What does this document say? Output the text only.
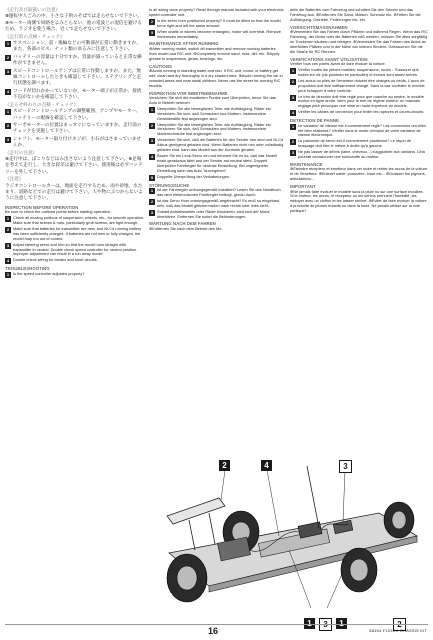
《走行及び取扱いの注意》
⊕運転中人ごみの中、小さな子供のそばでは走らせないで下さい。⊕モーター両側で回路をよみとらない、他の電波との混信を避けるため、ラジオを使う場合、近くで走らせないで下さい。
《走行前の点検・チェック》
1 サスペンション、前・後輪などの可動部が正常に動きますか。また、各部のビス、ナット類のゆるみに注意して下さい。
2 バッテリーの容量は十分ですか。容量が減っていると正常な操作ができません。
3 スピードコントロールアンプは正常に作動しますか。また、無線コントロールしたときも確認して下さい。ステアリングと走行状態を調べます。
4 コードが切れかかっていないか、モーター端子が正常か、接続不良がないかを確認して下さい。
《走らせ終わりの点検・チェック》
1 スピードコントロールアンプの調整範囲、アンプやモーター、バッテリーの配線を確認して下さい。
2 サーボモーターの位置はまっすぐになっていますか。走行前のチェックを実施して下さい。
3 シャフト、モーター取り付けネジが、小石がはさまっていませんか。
《走行の注意》
⊕走行中は、ぼこりなどはみ出さないよう注意して下さい。⊕足場を考えて走行し、大きな段差は避けて下さい。使用後は必ずバッテリーを外して下さい。
《注意》
ラジオコントロールカーは、地面を走行するため、雨や砂地、水たまり、道路などでの走行は避けて下さい。人や物にぶつからないように注意して下さい。
INSPECTION BEFORE OPERATION
Be sure to check the outlined points before starting operation.
1 Check all moving portions of suspension, wheels, etc., for smooth operation. Make sure that screws & nuts, particularly grub screws, are tight enough.
2 Make sure that batteries for transmitter are new, and Ni-Cd running battery has been sufficiently charged. If batteries are not new or fully charged, the model may run out of control.
3 Adjust steering servo and trim so that the model runs straight with transmitter in neutral. Double check speed controller for neutral position. Improper adjustment can result in a run away model.
4 Double check wiring for breaks and short circuits.
TROUBLESHOOTING
1 Is the speed controller adjusted properly?
Is all wiring done properly? Read through manual included with your electronic speed controller unit.
2 Is the servo horn positioned properly? It must be fitted so that the model turns right and left the same amount.
3 When shafts or wheels become entangled, motor will overheat. Remove hindrances immediately.
MAINTENANCE AFTER RUNNING
⊕After running model, switch off transmitter and remove running batteries from model and R/C unit. ⊕Completely remove sand, mud, dirt, etc. ⊕Apply grease to suspension, gears, bearings, etc.
CAUTIONS
⊕Avoid running in standing water and rain. If R/C unit, motor, or battery get wet, clean and dry thoroughly in a dry shaded area. ⊕Avoid running the car in crowded areas and near small children. Never use the street for running R/C models.
INSPEKTION VOR INBETRIEBNAHME
Versichern Sie sich die erwähnten Punkte zum Überprüfen, bevor Sie das Auto in Betrieb nehmen.
1 Überprüfen Sie alle beweglichen Teile, wie Aufhängung, Räder etc. Versichern Sie sich, daß Schrauben und Muttern, insbesondere Gewindestifte fest angezogen sind.
2 Überprüfen Sie alle beweglichen Teile, wie Aufhängung, Räder etc. Versichern Sie sich, daß Schrauben und Muttern, insbesondere Madenschraube fest angezogen sind.
3 Versichern Sie sich, daß die Batterien für den Sender neu sind und Ni-Cd Akkus genügend geladen sind. Wenn Batterien nicht neu oder vollständig geladen sind, kann das Modell aus der Kontrolle geraten.
4 Bauen Sie ein Lenk-Servo ein und trimmen Sie es so, daß das Modell exakt geradeaus fährt und der Sender auf neutral steht. Doppelt überprüfen Fahrtregler für neutrale Einstellung. Bei ungeeigneter Einstellung kann das Auto "durchgehen".
5 Doppelte Überprüfung der Verkabelungen.
STÖRUNGSSUCHE
1 Ist der Fahrtregler ordnungsgemäß installiert? Lesen Sie das Handbuch, das dem elektronischen Fahrtregler beiliegt, genau durch.
2 Ist das Servo Horn ordnungsgemäß angebracht? Es muß so eingebaut sein, daß das Modell gleichermaßen nach rechts oder links zieht.
3 Sobald Antriebswellen oder Räder blockieren, wird sich der Motor überhitzen. Entfernen Sie sofort die Behinderungen.
WARTUNG NACH DEM FAHREN
⊕Entfernen Sie nach dem Betrieb des Mo-
dells die Batterien vom Fahrzeug und schalten Sie den Sender und das Fahrzeug aus. ⊕Entfernen Sie Sand, Matsch, Schmutz etc. ⊕Fetten Sie die Aufhängung, Getriebe, Federungen etc. ein.
VORSICHTSMASSNAHMEN
⊕Vermeiden Sie das Fahren durch Pfützen und während Regen. Wenn das R/C Fahrzeug, der Motor oder die Batterien naß werden, müssen Sie alles sorgfältig im Trockenen säubern und reinigen. ⊕Vermeiden Sie das Fahren des Autos an überfüllten Plätzen und in der Nähe von kleinen Kindern. Gebrauchen Sie nie die Straße für RC Rennen.
VERIFICATIONS AVANT UTILISATION
Vérifier tous ces points avant de faire évoluer la voiture.
1 Vérifier toutes les pièces mobiles: suspensions, roues... S'assurer que toutes les vis (vis pointeau en particulier) et écrous sont assez serrés.
2 Les accus ou piles de l'émetteur doivent être chargés ou neufs. L'accu de propulsion doit être suffisamment chargé. Sans la cas contraire le modèle peut échapper à votre contrôle.
3 Le trim de direction doit être réglé pour que manche au neutre, le modèle évolue en ligne droite. Idem pour le trim de régime moteur: un mauvais réglage peut provoquer une mise en route imprévue du modèle.
4 Vérifier les câbles de connexion pour éviter les ruptures et courts-circuits.
DETECTION DE PANNE
1 Le variateur de vitesse est-il correctement réglé? Les connexions ont-elles été bien réalisées? Vérifier dans le mode d'emploi de votre variateur de vitesse électronique.
2 Le palonnier de servo est-il correctement positionné? Le rayon de braquage doit être le même à droite qu'à gauche.
3 Ne pas laisser de débris (laine, cheveux...) s'agglutiner aux cardans. Cela pourrait occasionner une surchauffe du moteur.
MAINTENANCE
⊕Eteindre récepteur et émetteur dans cet ordre et retirer les accus de la voiture et de l'émetteur. ⊕Enlever sable, poussière, boue etc... ⊕Graisser les pignons, articulations...
IMPORTANT
⊕Ne jamais faire évoluer le modèle sous la pluie ou sur une surface mouillée. Si le moteur, les accus, le récepteur ou les servos prennent l'humidité, les nettoyer avec un chiffon et les laisser sécher. ⊕Eviter de faire évoluer la voiture à proximité de jeunes enfants ou dans la foule. Ne jamais utiliser sur la voie publique!
2	4	3
1	3	1	2
16	58194 F103RX CHASSIS KIT
